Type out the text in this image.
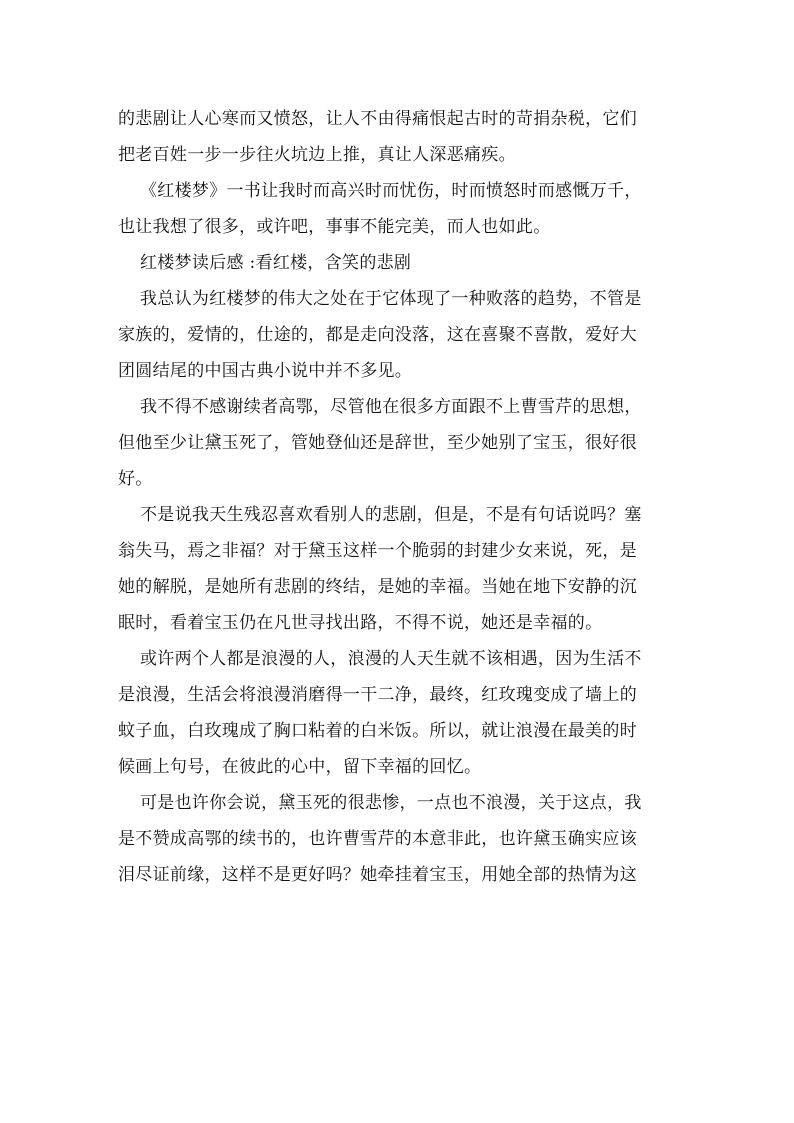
的悲剧让人心寒而又愤怒，让人不由得痛恨起古时的苛捐杂税，它们
把老百姓一步一步往火坑边上推，真让人深恶痛疾。
《红楼梦》一书让我时而高兴时而忧伤，时而愤怒时而感慨万千，
也让我想了很多，或许吧，事事不能完美，而人也如此。
红楼梦读后感 :看红楼，含笑的悲剧
我总认为红楼梦的伟大之处在于它体现了一种败落的趋势，不管是
家族的，爱情的，仕途的，都是走向没落，这在喜聚不喜散，爱好大
团圆结尾的中国古典小说中并不多见。
我不得不感谢续者高鄂，尽管他在很多方面跟不上曹雪芹的思想，
但他至少让黛玉死了，管她登仙还是辞世，至少她别了宝玉，很好很
好。
不是说我天生残忍喜欢看别人的悲剧，但是，不是有句话说吗？塞
翁失马，焉之非福？对于黛玉这样一个脆弱的封建少女来说，死，是
她的解脱，是她所有悲剧的终结，是她的幸福。当她在地下安静的沉
眠时，看着宝玉仍在凡世寻找出路，不得不说，她还是幸福的。
或许两个人都是浪漫的人，浪漫的人天生就不该相遇，因为生活不
是浪漫，生活会将浪漫消磨得一干二净，最终，红玫瑰变成了墙上的
蚊子血，白玫瑰成了胸口粘着的白米饭。所以，就让浪漫在最美的时
候画上句号，在彼此的心中，留下幸福的回忆。
可是也许你会说，黛玉死的很悲惨，一点也不浪漫，关于这点，我
是不赞成高鄂的续书的，也许曹雪芹的本意非此，也许黛玉确实应该
泪尽证前缘，这样不是更好吗？她牵挂着宝玉，用她全部的热情为这
